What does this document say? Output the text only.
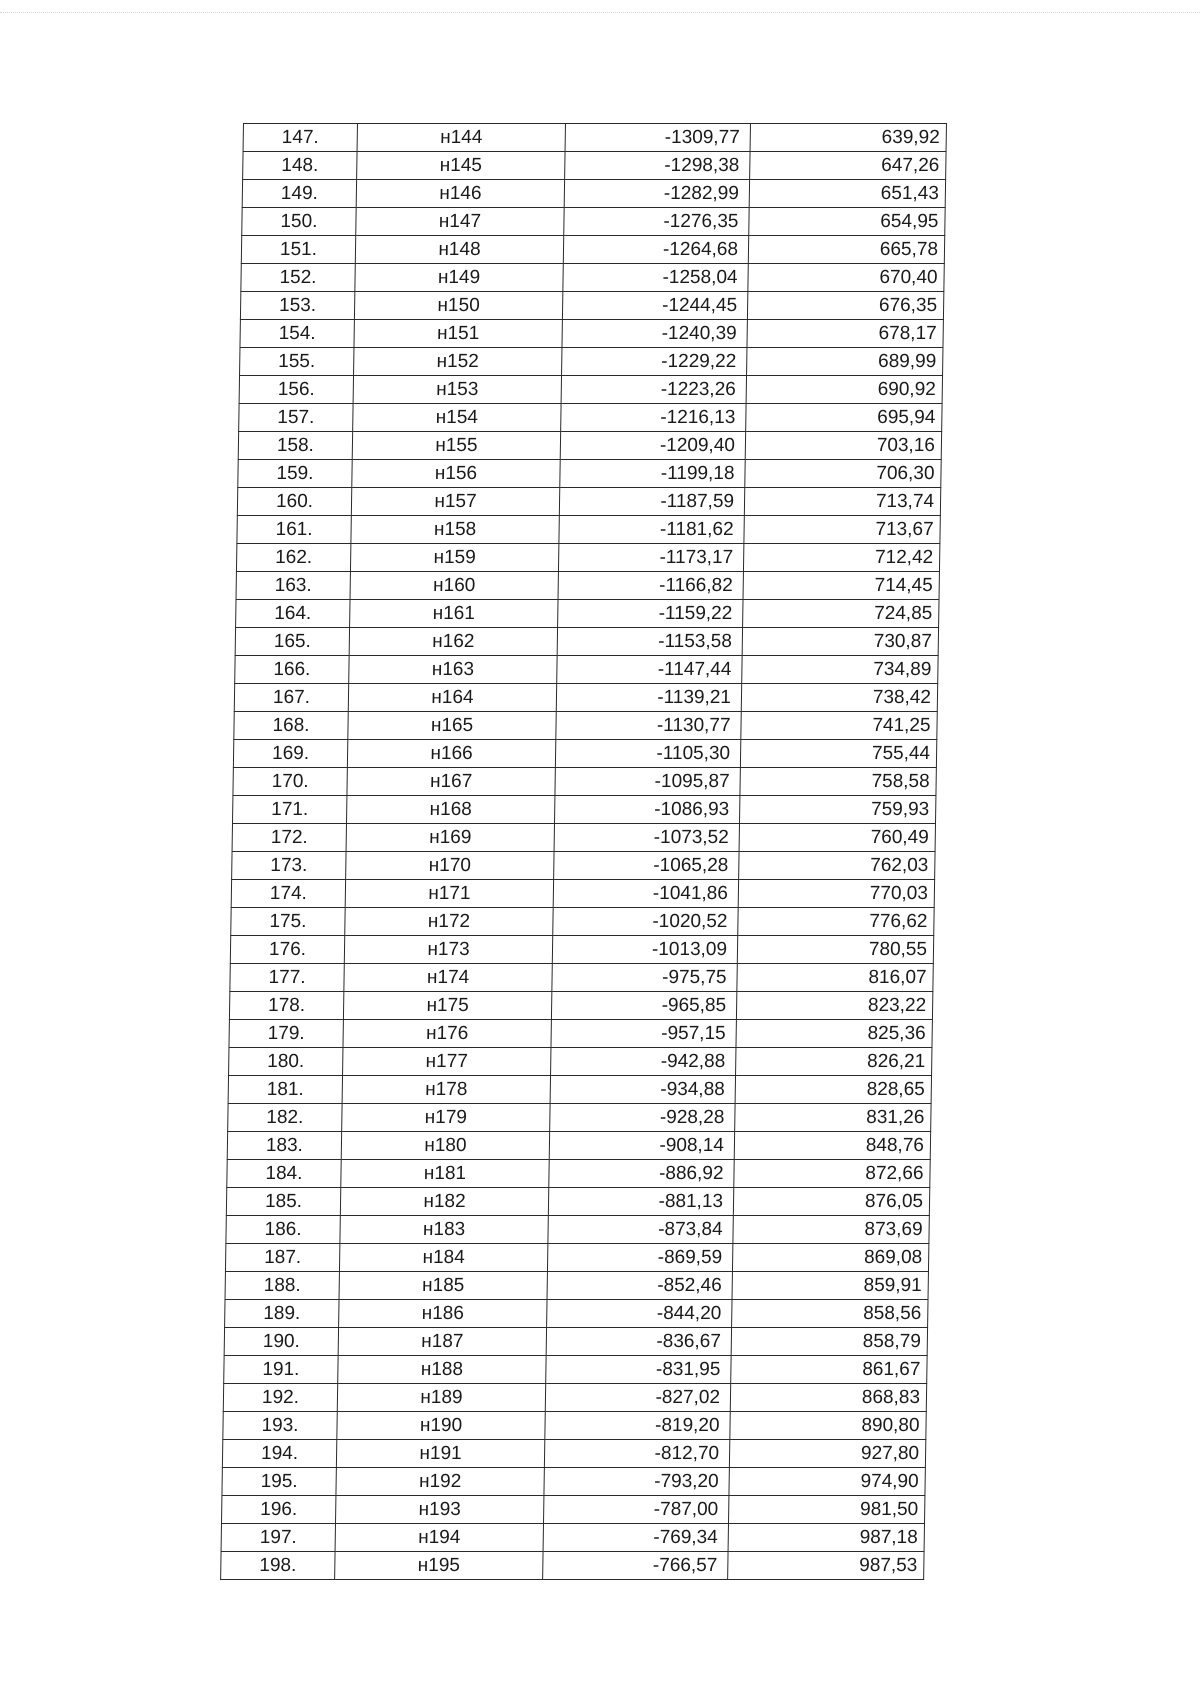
147.	н144	-1309,77	639,92
148.	н145	-1298,38	647,26
149.	н146	-1282,99	651,43
150.	н147	-1276,35	654,95
151.	н148	-1264,68	665,78
152.	н149	-1258,04	670,40
153.	н150	-1244,45	676,35
154.	н151	-1240,39	678,17
155.	н152	-1229,22	689,99
156.	н153	-1223,26	690,92
157.	н154	-1216,13	695,94
158.	н155	-1209,40	703,16
159.	н156	-1199,18	706,30
160.	н157	-1187,59	713,74
161.	н158	-1181,62	713,67
162.	н159	-1173,17	712,42
163.	н160	-1166,82	714,45
164.	н161	-1159,22	724,85
165.	н162	-1153,58	730,87
166.	н163	-1147,44	734,89
167.	н164	-1139,21	738,42
168.	н165	-1130,77	741,25
169.	н166	-1105,30	755,44
170.	н167	-1095,87	758,58
171.	н168	-1086,93	759,93
172.	н169	-1073,52	760,49
173.	н170	-1065,28	762,03
174.	н171	-1041,86	770,03
175.	н172	-1020,52	776,62
176.	н173	-1013,09	780,55
177.	н174	-975,75	816,07
178.	н175	-965,85	823,22
179.	н176	-957,15	825,36
180.	н177	-942,88	826,21
181.	н178	-934,88	828,65
182.	н179	-928,28	831,26
183.	н180	-908,14	848,76
184.	н181	-886,92	872,66
185.	н182	-881,13	876,05
186.	н183	-873,84	873,69
187.	н184	-869,59	869,08
188.	н185	-852,46	859,91
189.	н186	-844,20	858,56
190.	н187	-836,67	858,79
191.	н188	-831,95	861,67
192.	н189	-827,02	868,83
193.	н190	-819,20	890,80
194.	н191	-812,70	927,80
195.	н192	-793,20	974,90
196.	н193	-787,00	981,50
197.	н194	-769,34	987,18
198.	н195	-766,57	987,53
